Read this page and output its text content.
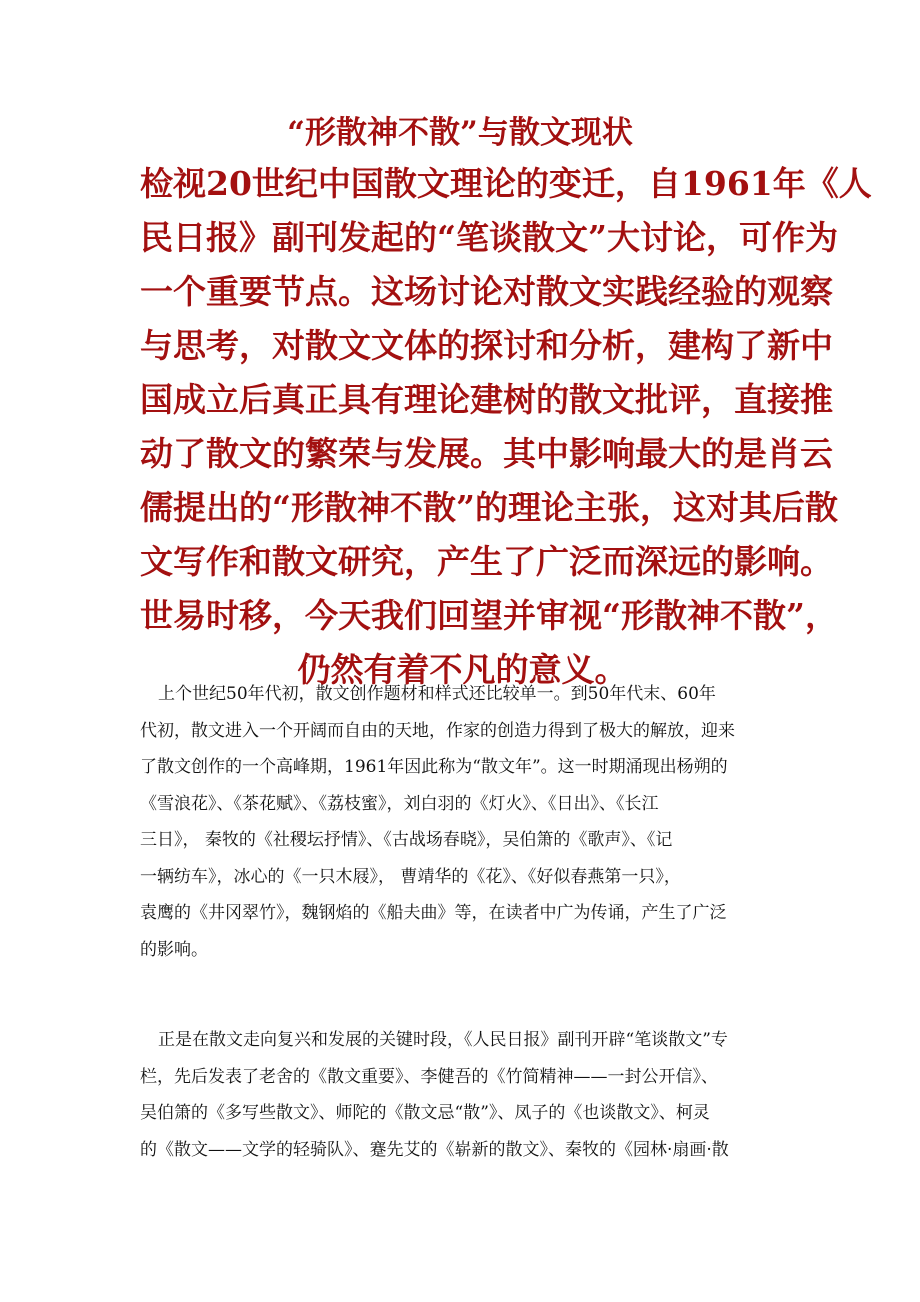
“形散神不散”与散文现状
检视20世纪中国散文理论的变迁，自1961年《人
民日报》副刊发起的“笔谈散文”大讨论，可作为
一个重要节点。这场讨论对散文实践经验的观察
与思考，对散文文体的探讨和分析，建构了新中
国成立后真正具有理论建树的散文批评，直接推
动了散文的繁荣与发展。其中影响最大的是肖云
儒提出的“形散神不散”的理论主张，这对其后散
文写作和散文研究，产生了广泛而深远的影响。
世易时移，今天我们回望并审视“形散神不散”，
仍然有着不凡的意义。
上个世纪50年代初，散文创作题材和样式还比较单一。到50年代末、60年
代初，散文进入一个开阔而自由的天地，作家的创造力得到了极大的解放，迎来
了散文创作的一个高峰期，1961年因此称为“散文年”。这一时期涌现出杨朔的
《雪浪花》、《茶花赋》、《荔枝蜜》，刘白羽的《灯火》、《日出》、《长江
三日》， 秦牧的《社稷坛抒情》、《古战场春晓》，吴伯箫的《歌声》、《记
一辆纺车》，冰心的《一只木屐》， 曹靖华的《花》、《好似春燕第一只》，
袁鹰的《井冈翠竹》，魏钢焰的《船夫曲》等，在读者中广为传诵，产生了广泛
的影响。
正是在散文走向复兴和发展的关键时段，《人民日报》副刊开辟“笔谈散文”专
栏，先后发表了老舍的《散文重要》、李健吾的《竹简精神——一封公开信》、
吴伯箫的《多写些散文》、师陀的《散文忌“散”》、凤子的《也谈散文》、柯灵
的《散文——文学的轻骑队》、蹇先艾的《崭新的散文》、秦牧的《园林·扇画·散
